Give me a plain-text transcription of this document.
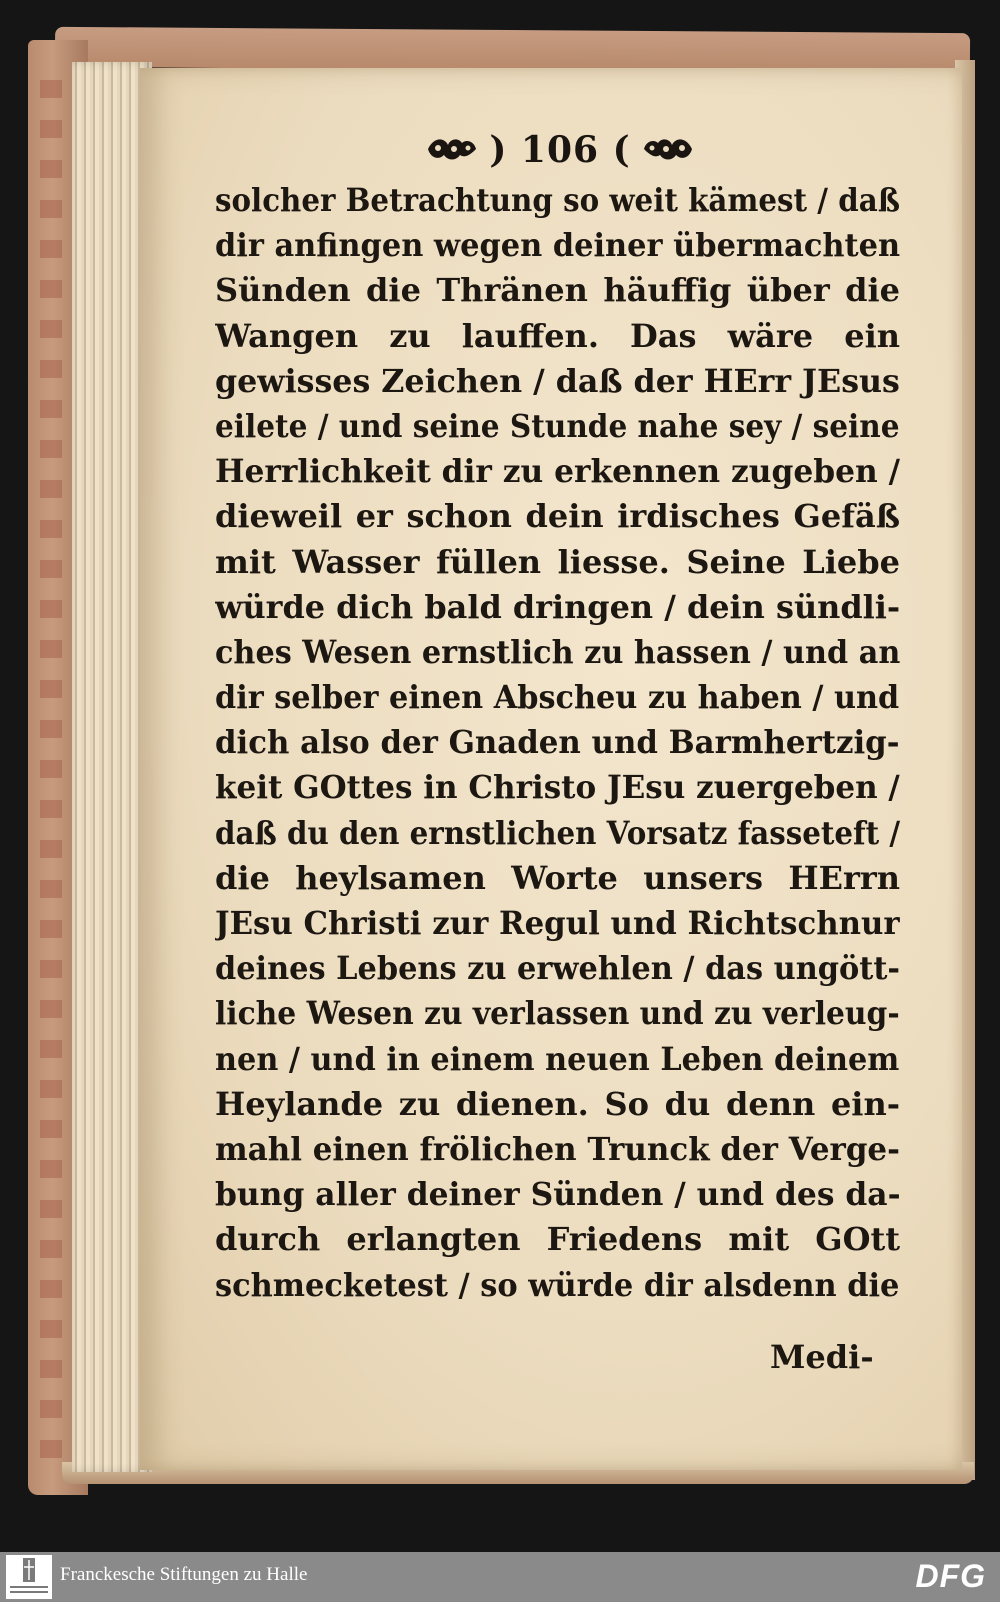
) 106 (
solcher Betrachtung so weit kämest / daß
dir anfingen wegen deiner übermachten
Sünden die Thränen häuffig über die
Wangen zu lauffen. Das wäre ein
gewisses Zeichen / daß der HErr JEsus
eilete / und seine Stunde nahe sey / seine
Herrlichkeit dir zu erkennen zugeben /
dieweil er schon dein irdisches Gefäß
mit Wasser füllen liesse. Seine Liebe
würde dich bald dringen / dein sündli-
ches Wesen ernstlich zu hassen / und an
dir selber einen Abscheu zu haben / und
dich also der Gnaden und Barmhertzig-
keit GOttes in Christo JEsu zuergeben /
daß du den ernstlichen Vorsatz fasseteft /
die heylsamen Worte unsers HErrn
JEsu Christi zur Regul und Richtschnur
deines Lebens zu erwehlen / das ungött-
liche Wesen zu verlassen und zu verleug-
nen / und in einem neuen Leben deinem
Heylande zu dienen. So du denn ein-
mahl einen frölichen Trunck der Verge-
bung aller deiner Sünden / und des da-
durch erlangten Friedens mit GOtt
schmecketest / so würde dir alsdenn die
Medi-
Franckesche Stiftungen zu Halle	DFG
